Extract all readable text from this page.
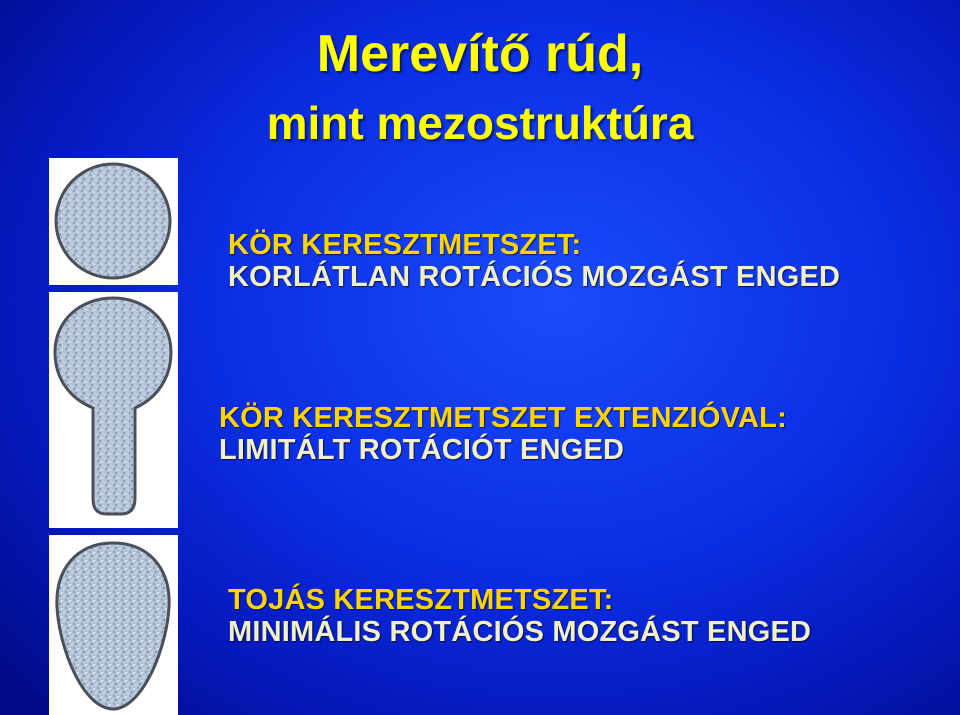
Merevítő rúd,
mint mezostruktúra
KÖR KERESZTMETSZET:
KORLÁTLAN ROTÁCIÓS MOZGÁST ENGED
KÖR KERESZTMETSZET EXTENZIÓVAL:
LIMITÁLT ROTÁCIÓT ENGED
TOJÁS KERESZTMETSZET:
MINIMÁLIS ROTÁCIÓS MOZGÁST ENGED
